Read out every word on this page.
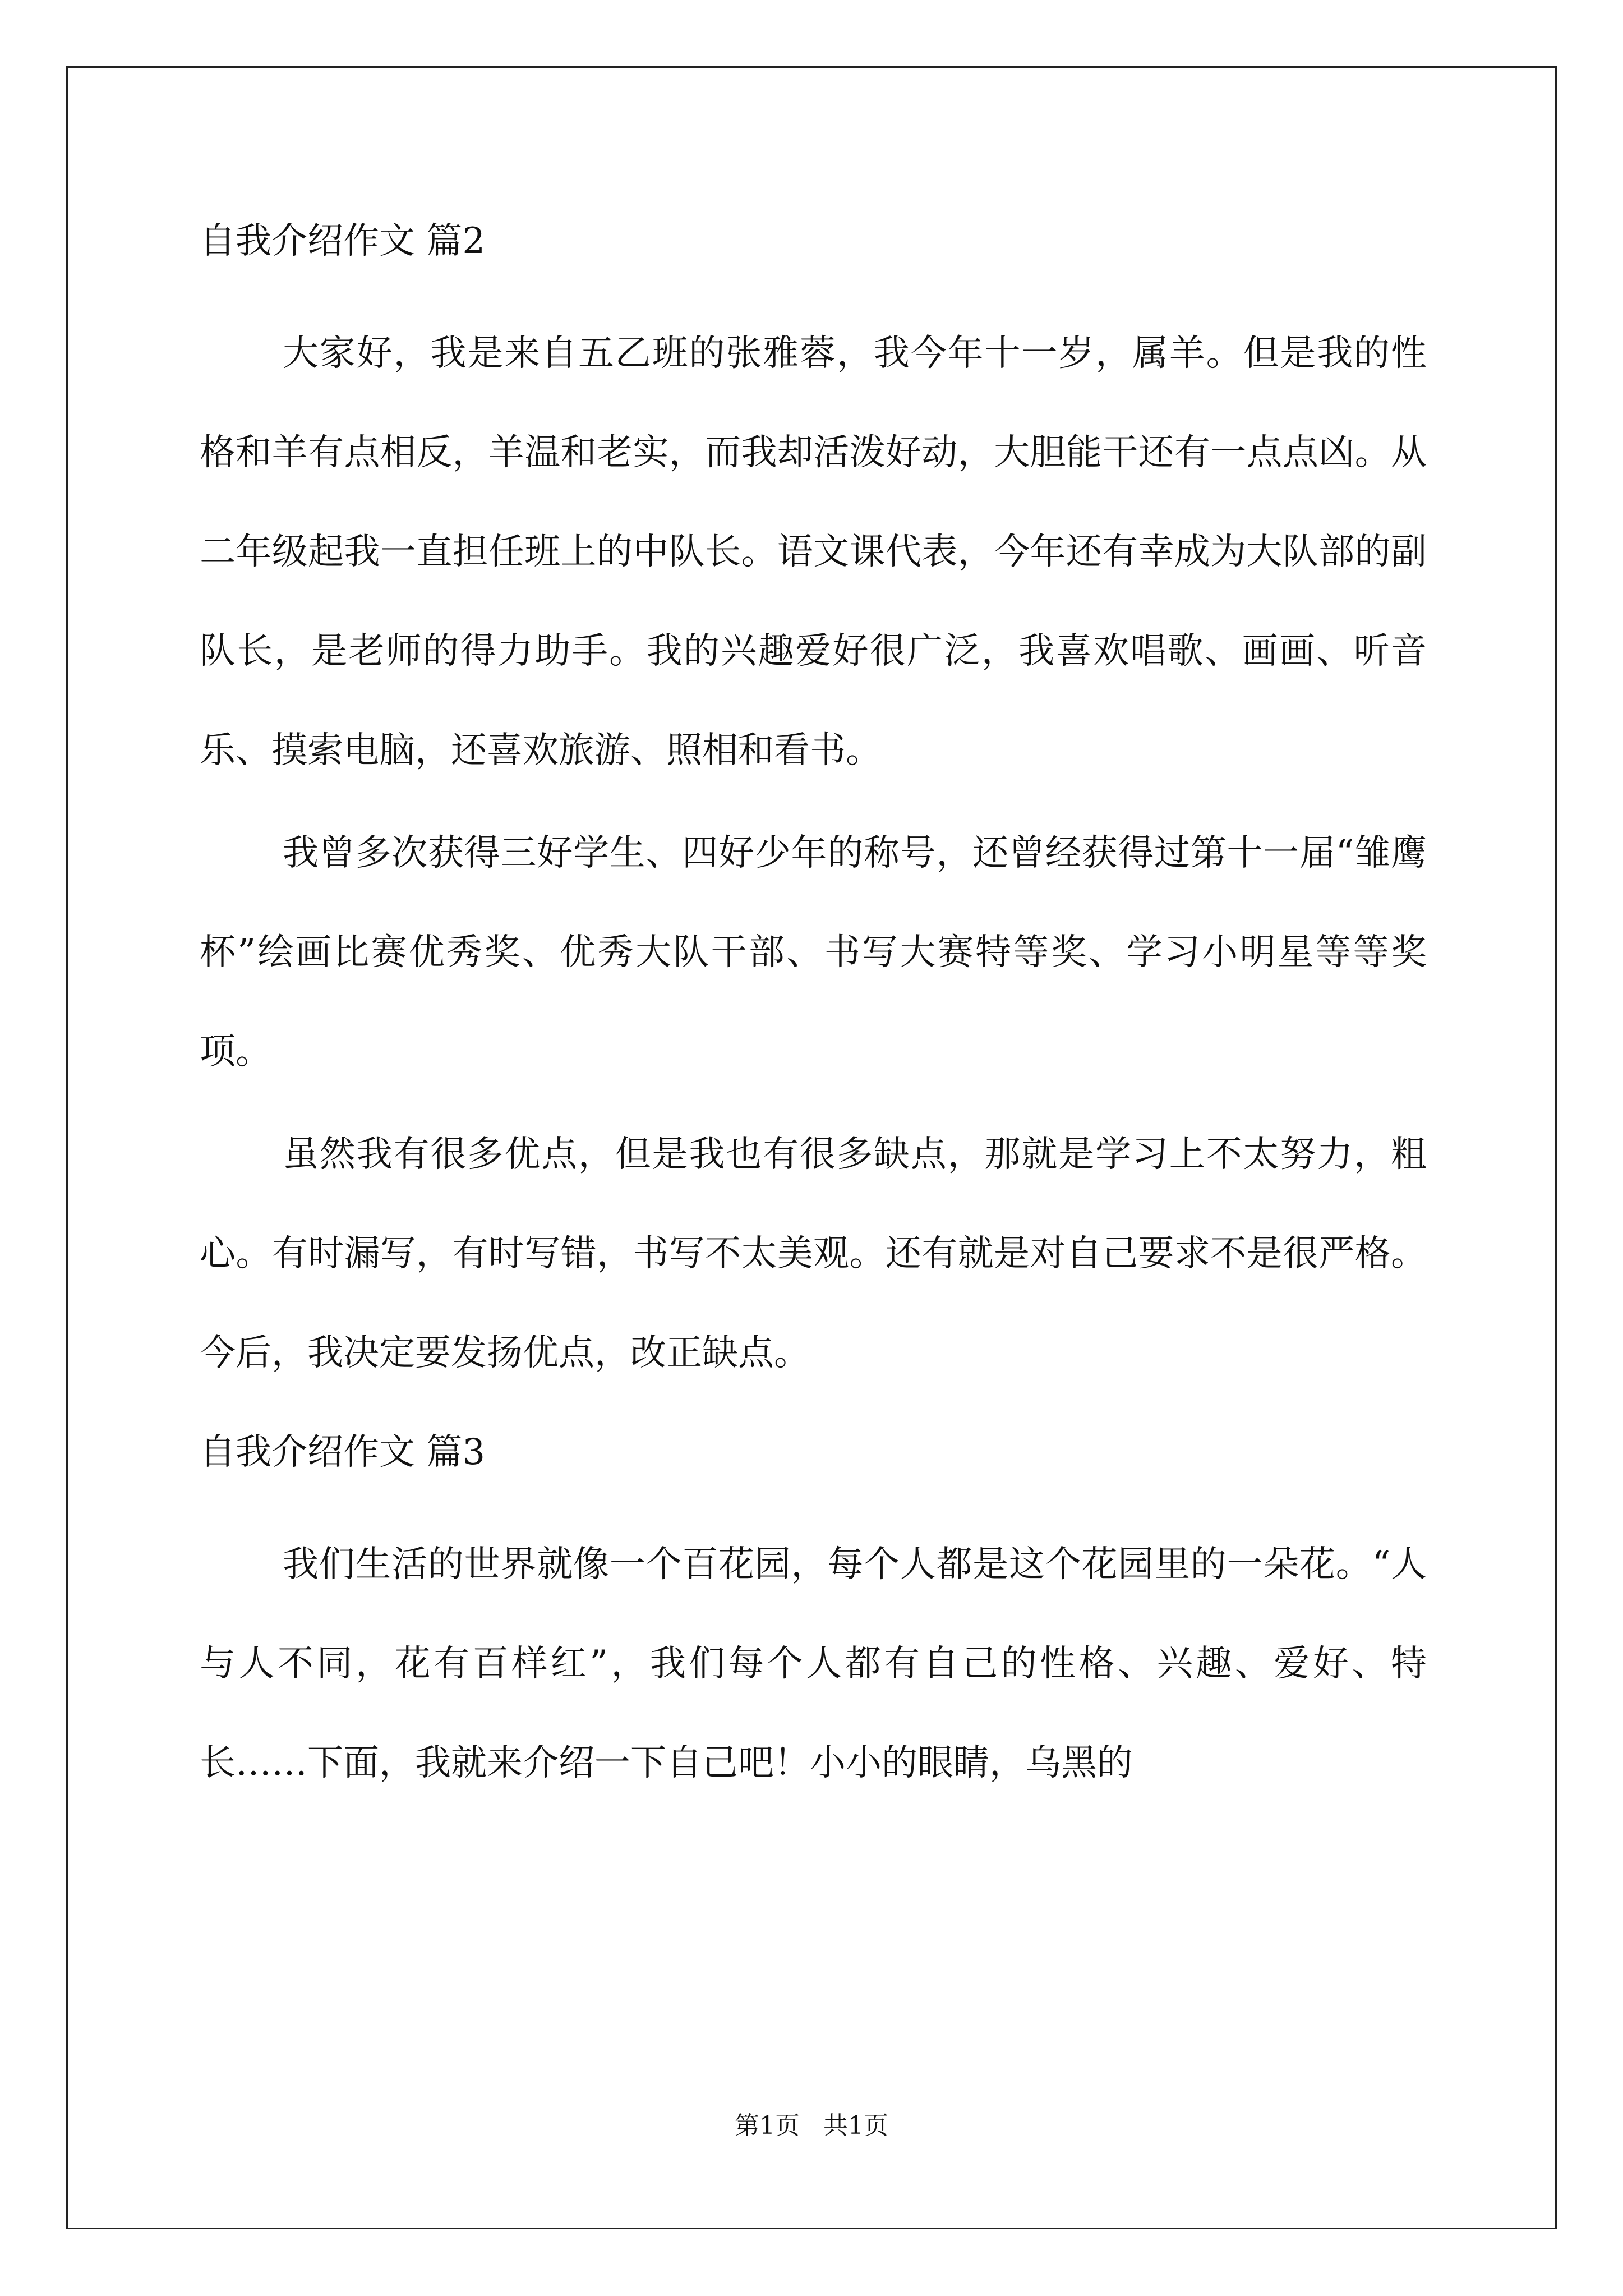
自我介绍作文 篇2

大家好，我是来自五乙班的张雅蓉，我今年十一岁，属羊。但是我的性格和羊有点相反，羊温和老实，而我却活泼好动，大胆能干还有一点点凶。从二年级起我一直担任班上的中队长。语文课代表，今年还有幸成为大队部的副队长，是老师的得力助手。我的兴趣爱好很广泛，我喜欢唱歌、画画、听音乐、摸索电脑，还喜欢旅游、照相和看书。

我曾多次获得三好学生、四好少年的称号，还曾经获得过第十一届“雏鹰杯”绘画比赛优秀奖、优秀大队干部、书写大赛特等奖、学习小明星等等奖项。

虽然我有很多优点，但是我也有很多缺点，那就是学习上不太努力，粗心。有时漏写，有时写错，书写不太美观。还有就是对自己要求不是很严格。今后，我决定要发扬优点，改正缺点。

自我介绍作文 篇3

我们生活的世界就像一个百花园，每个人都是这个花园里的一朵花。“人与人不同，花有百样红”，我们每个人都有自己的性格、兴趣、爱好、特长……下面，我就来介绍一下自己吧！小小的眼睛，乌黑的

第1页   共1页
